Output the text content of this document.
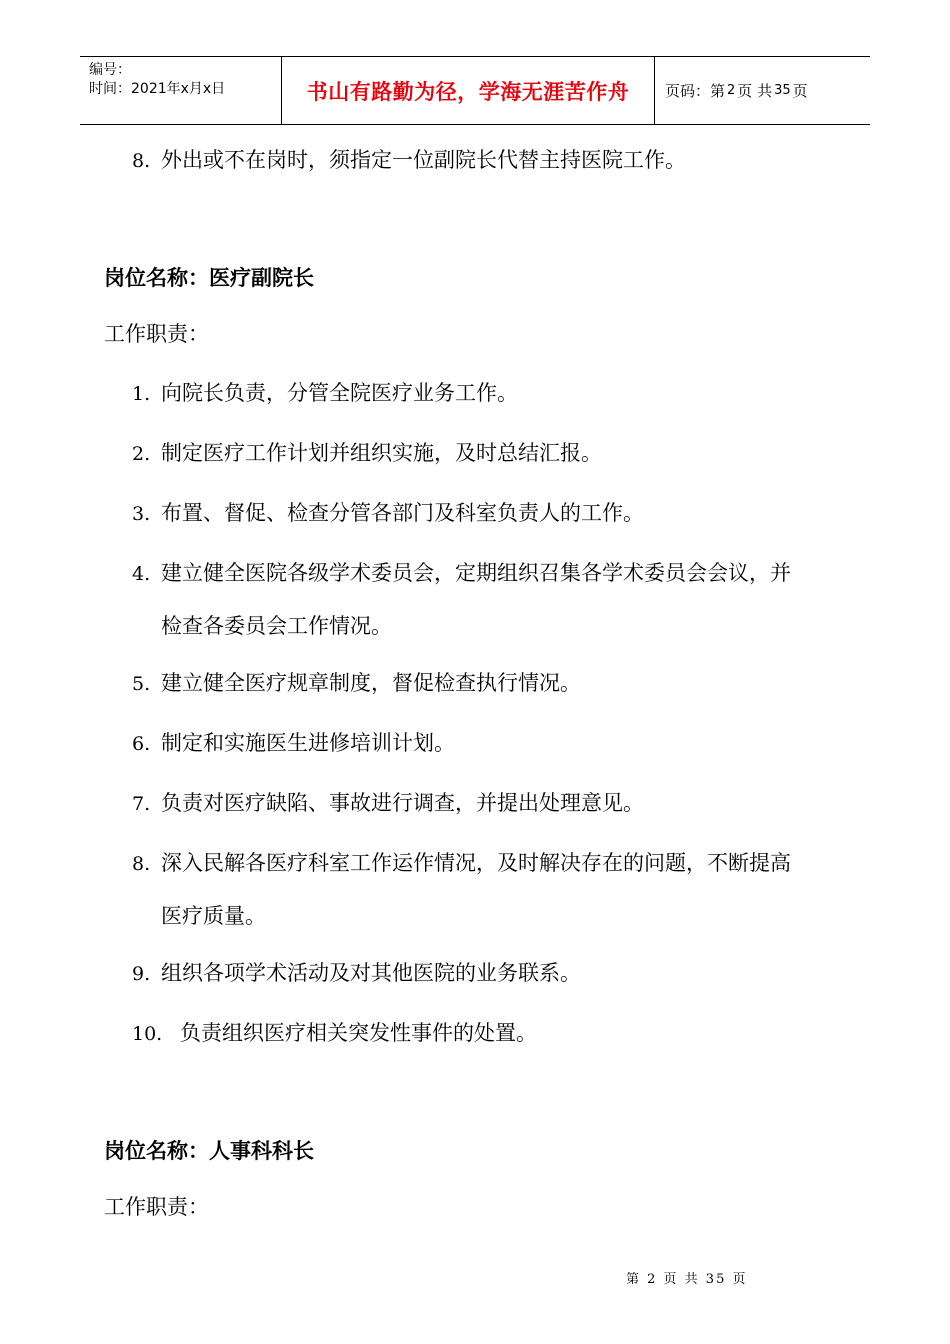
编号：
时间：2021年x月x日	书山有路勤为径，学海无涯苦作舟 页码：第 2 页 共 35 页
8. 外出或不在岗时，须指定一位副院长代替主持医院工作。
岗位名称：医疗副院长
工作职责：
1. 向院长负责，分管全院医疗业务工作。
2. 制定医疗工作计划并组织实施，及时总结汇报。
3. 布置、督促、检查分管各部门及科室负责人的工作。
4. 建立健全医院各级学术委员会，定期组织召集各学术委员会会议，并
检查各委员会工作情况。
5. 建立健全医疗规章制度，督促检查执行情况。
6. 制定和实施医生进修培训计划。
7. 负责对医疗缺陷、事故进行调查，并提出处理意见。
8. 深入民解各医疗科室工作运作情况，及时解决存在的问题，不断提高
医疗质量。
9. 组织各项学术活动及对其他医院的业务联系。
10. 负责组织医疗相关突发性事件的处置。
岗位名称：人事科科长
工作职责：
第 2 页 共 35 页
